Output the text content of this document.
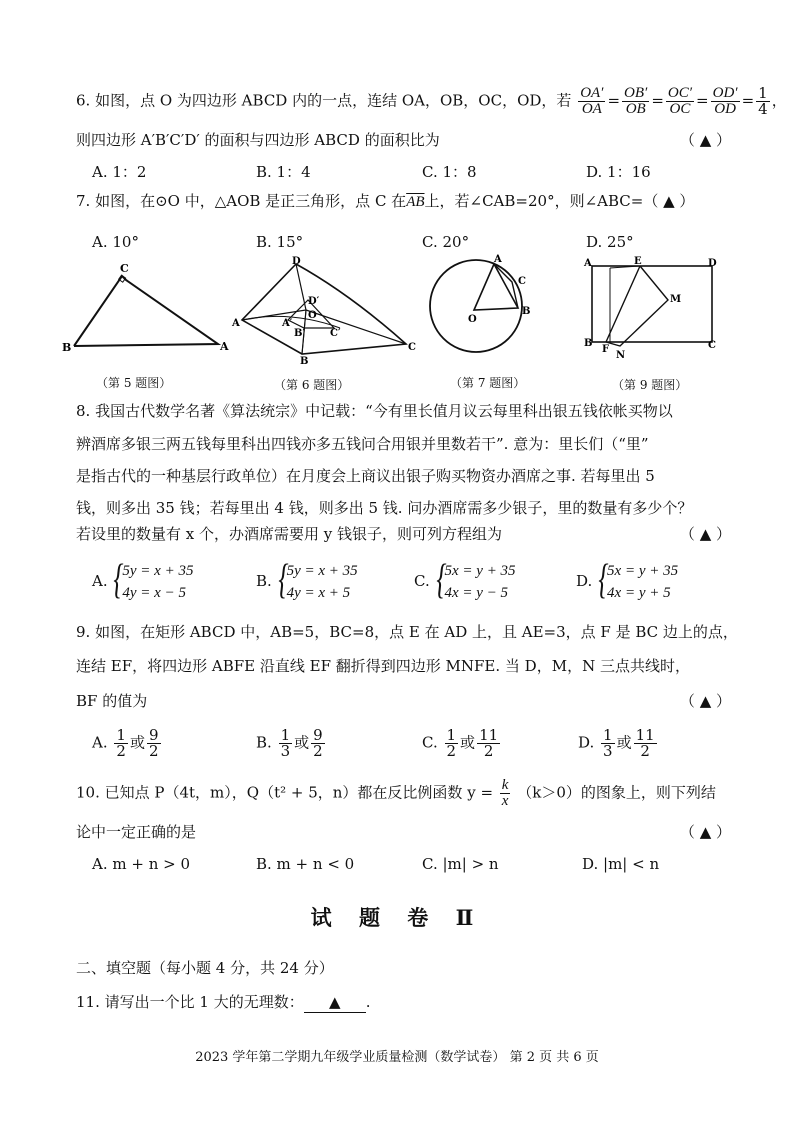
6. 如图，点 O 为四边形 ABCD 内的一点，连结 OA，OB，OC，OD，若 $\frac{OA'}{OA} = \frac{OB'}{OB} = \frac{OC'}{OC} = \frac{OD'}{OD} = \frac{1}{4}$ ，
则四边形 A′B′C′D′ 的面积与四边形 ABCD 的面积比为	（ ▲ ）
A. 1：2	B. 1：4	C. 1：8	D. 1：16
7. 如图，在⊙O 中，△AOB 是正三角形，点 C 在$\overline{AB}$上，若∠CAB=20°，则∠ABC=（ ▲ ）
A. 10°	B. 15°	C. 20°	D. 25°
C
B	A
（第 5 题图）
D
D′
A	A′
O
B′ C′
B
C
（第 6 题图）
A
C
B
O
（第 7 题图）
A	E	D
M
B
F
N
C
（第 9 题图）
8. 我国古代数学名著《算法统宗》中记载：“今有里长值月议云每里科出银五钱依帐买物以
辨酒席多银三两五钱每里科出四钱亦多五钱问合用银并里数若干”. 意为：里长们（“里”
是指古代的一种基层行政单位）在月度会上商议出银子购买物资办酒席之事. 若每里出 5
钱，则多出 35 钱；若每里出 4 钱，则多出 5 钱. 问办酒席需多少银子，里的数量有多少个？
若设里的数量有 x 个，办酒席需要用 y 钱银子，则可列方程组为	（ ▲ ）
A.
{ 5y = x + 35
4y = x − 5
B.
{ 5y = x + 35
4y = x + 5
C.
{ 5x = y + 35
4x = y − 5
D.
{ 5x = y + 35
4x = y + 5
9. 如图，在矩形 ABCD 中，AB=5，BC=8，点 E 在 AD 上，且 AE=3，点 F 是 BC 边上的点，
连结 EF，将四边形 ABFE 沿直线 EF 翻折得到四边形 MNFE. 当 D，M，N 三点共线时，
BF 的值为	（ ▲ ）
A. $\frac{1}{2}$ 或 $\frac{9}{2}$	B. $\frac{1}{3}$ 或 $\frac{9}{2}$	C. $\frac{1}{2}$ 或 $\frac{11}{2}$	D. $\frac{1}{3}$ 或 $\frac{11}{2}$
10. 已知点 P（4t，m），Q（t² + 5，n）都在反比例函数 $y = \frac{k}{x} (k>0)$的图象上，则下列结
论中一定正确的是	（ ▲ ）
A. m + n > 0	B. m + n < 0	C. |m| > n	D. |m| < n
试 题 卷 Ⅱ
二、填空题（每小题 4 分，共 24 分）
11. 请写出一个比 1 大的无理数： ▲ .
2023 学年第二学期九年级学业质量检测（数学试卷） 第 2 页 共 6 页
